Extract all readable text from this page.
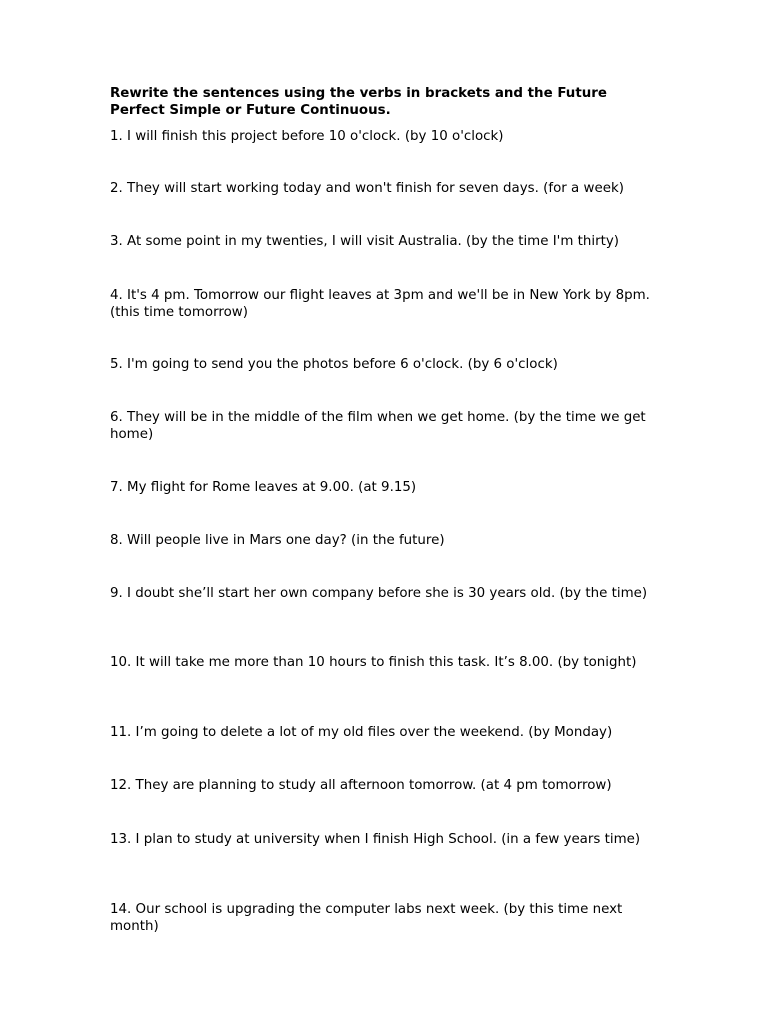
Rewrite the sentences using the verbs in brackets and the Future Perfect Simple or Future Continuous.

1. I will finish this project before 10 o'clock. (by 10 o'clock)

2. They will start working today and won't finish for seven days. (for a week)

3. At some point in my twenties, I will visit Australia. (by the time I'm thirty)

4. It's 4 pm. Tomorrow our flight leaves at 3pm and we'll be in New York by 8pm. (this time tomorrow)

5. I'm going to send you the photos before 6 o'clock. (by 6 o'clock)

6. They will be in the middle of the film when we get home. (by the time we get home)

7. My flight for Rome leaves at 9.00. (at 9.15)

8. Will people live in Mars one day? (in the future)

9. I doubt she’ll start her own company before she is 30 years old. (by the time)

10. It will take me more than 10 hours to finish this task. It’s 8.00. (by tonight)

11. I’m going to delete a lot of my old files over the weekend. (by Monday)

12. They are planning to study all afternoon tomorrow. (at 4 pm tomorrow)

13. I plan to study at university when I finish High School. (in a few years time)

14. Our school is upgrading the computer labs next week. (by this time next month)
